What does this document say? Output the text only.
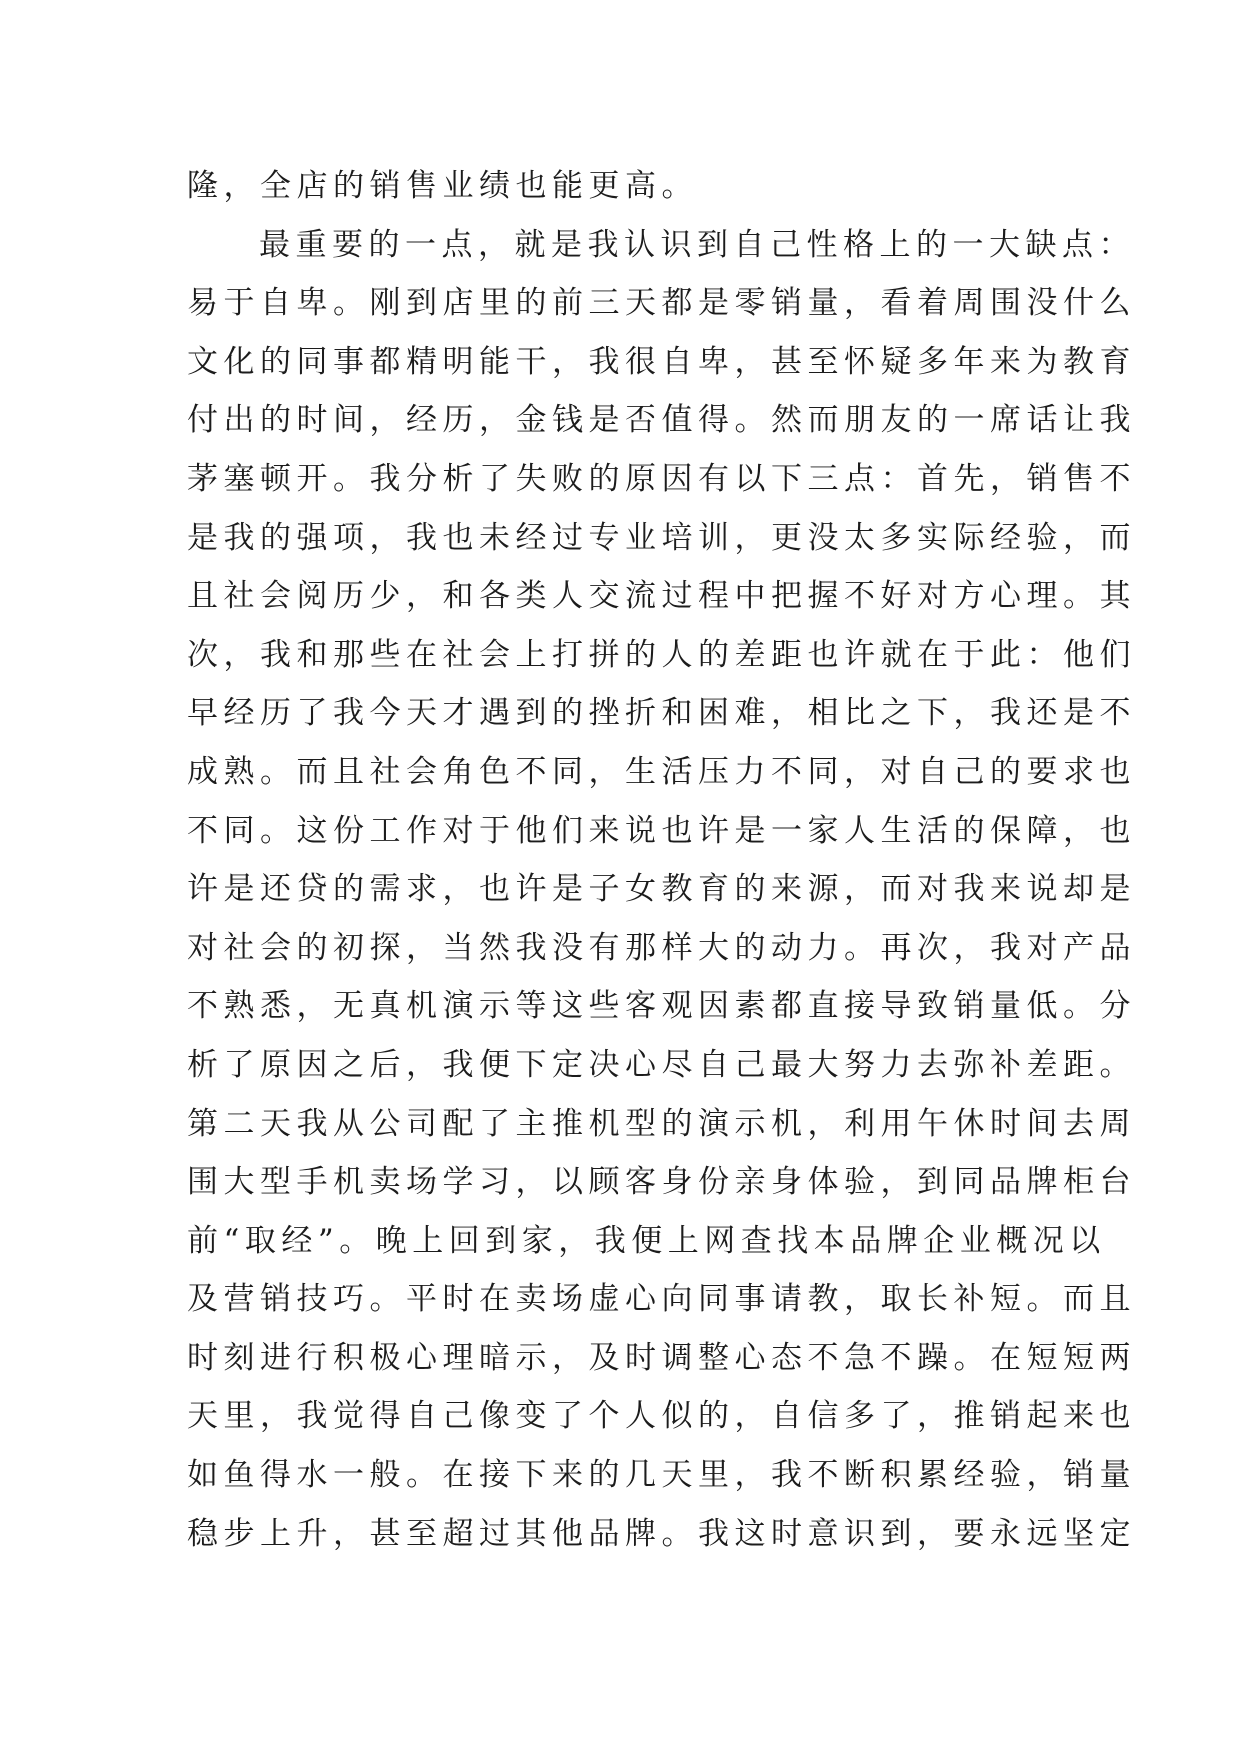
隆，全店的销售业绩也能更高。
最重要的一点，就是我认识到自己性格上的一大缺点：
易于自卑。刚到店里的前三天都是零销量，看着周围没什么
文化的同事都精明能干，我很自卑，甚至怀疑多年来为教育
付出的时间，经历，金钱是否值得。然而朋友的一席话让我
茅塞顿开。我分析了失败的原因有以下三点：首先，销售不
是我的强项，我也未经过专业培训，更没太多实际经验，而
且社会阅历少，和各类人交流过程中把握不好对方心理。其
次，我和那些在社会上打拼的人的差距也许就在于此：他们
早经历了我今天才遇到的挫折和困难，相比之下，我还是不
成熟。而且社会角色不同，生活压力不同，对自己的要求也
不同。这份工作对于他们来说也许是一家人生活的保障，也
许是还贷的需求，也许是子女教育的来源，而对我来说却是
对社会的初探，当然我没有那样大的动力。再次，我对产品
不熟悉，无真机演示等这些客观因素都直接导致销量低。分
析了原因之后，我便下定决心尽自己最大努力去弥补差距。
第二天我从公司配了主推机型的演示机，利用午休时间去周
围大型手机卖场学习，以顾客身份亲身体验，到同品牌柜台
前“取经”。晚上回到家，我便上网查找本品牌企业概况以
及营销技巧。平时在卖场虚心向同事请教，取长补短。而且
时刻进行积极心理暗示，及时调整心态不急不躁。在短短两
天里，我觉得自己像变了个人似的，自信多了，推销起来也
如鱼得水一般。在接下来的几天里，我不断积累经验，销量
稳步上升，甚至超过其他品牌。我这时意识到，要永远坚定
